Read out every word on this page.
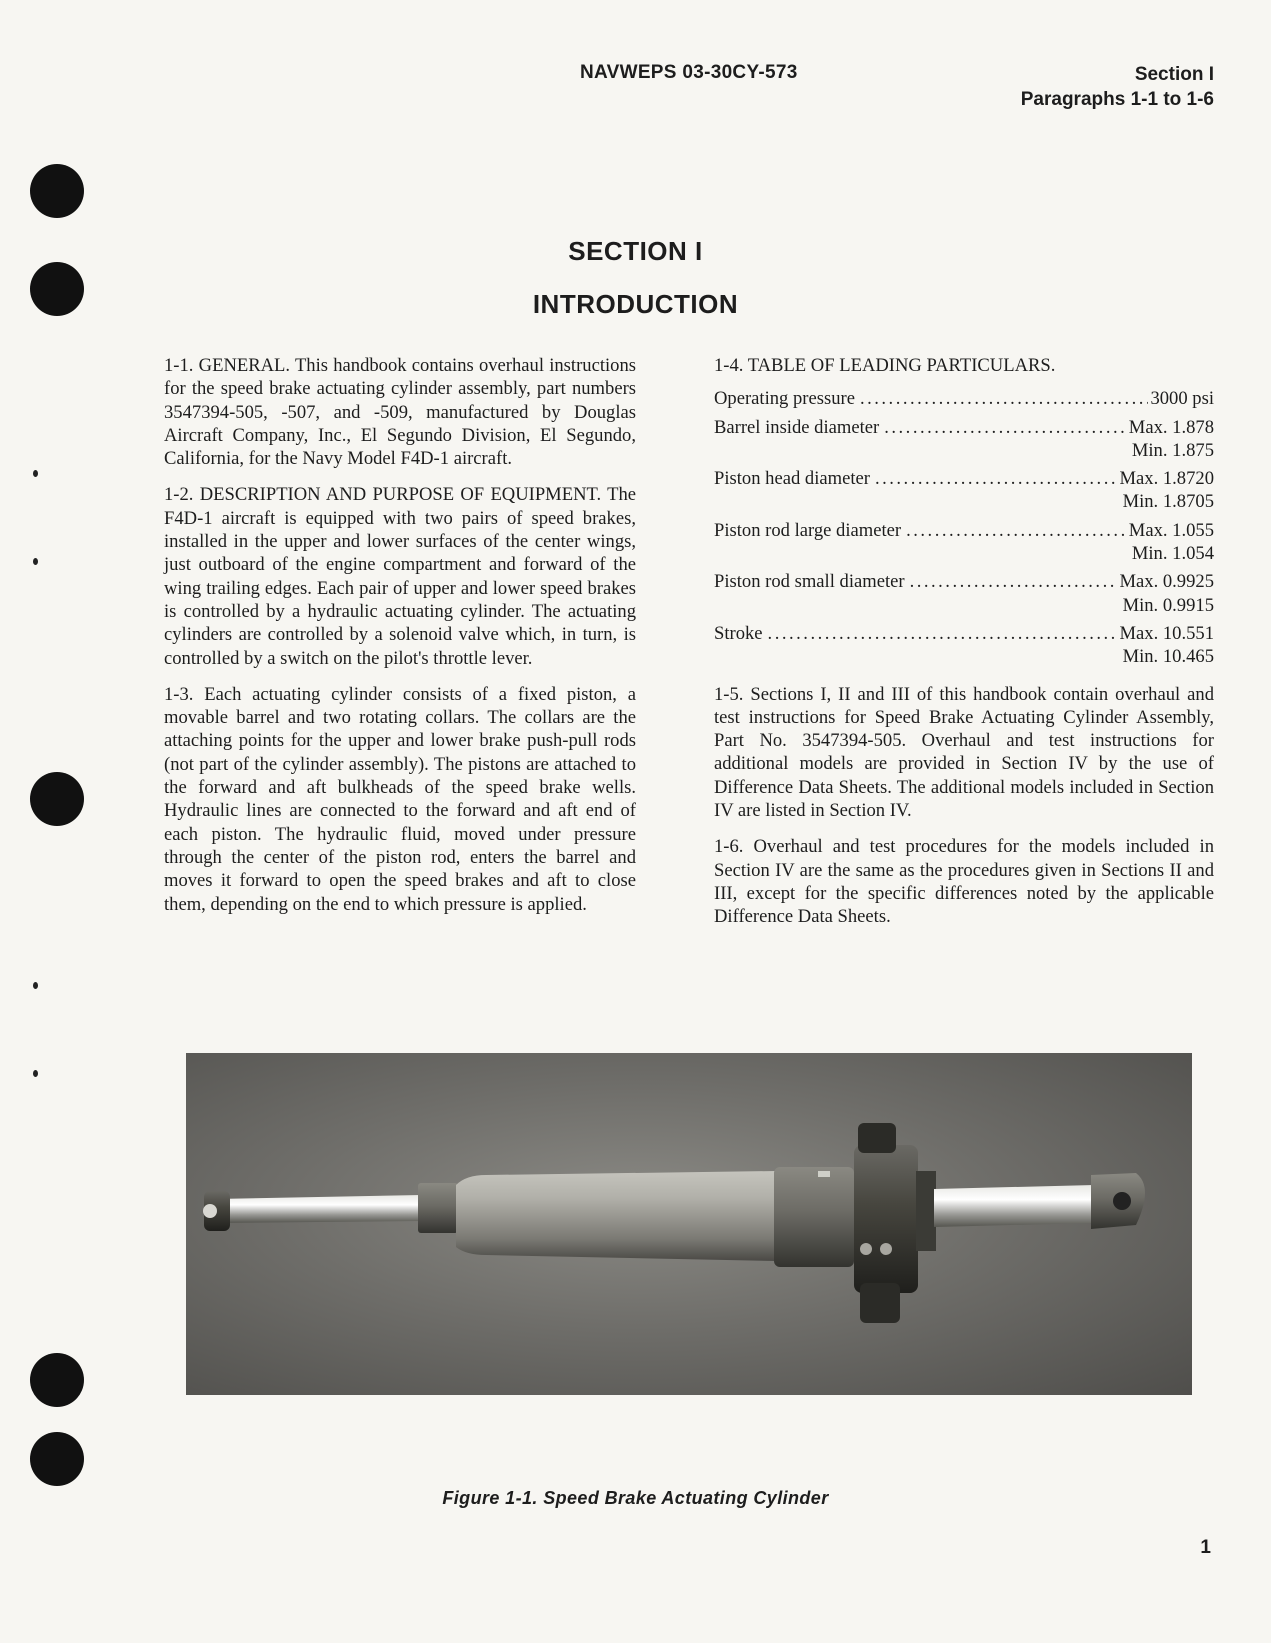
NAVWEPS 03-30CY-573	Section I
Paragraphs 1-1 to 1-6
SECTION I
INTRODUCTION

1-1. GENERAL. This handbook contains overhaul instructions for the speed brake actuating cylinder assembly, part numbers 3547394-505, -507, and -509, manufactured by Douglas Aircraft Company, Inc., El Segundo Division, El Segundo, California, for the Navy Model F4D-1 aircraft.

1-2. DESCRIPTION AND PURPOSE OF EQUIPMENT. The F4D-1 aircraft is equipped with two pairs of speed brakes, installed in the upper and lower surfaces of the center wings, just outboard of the engine compartment and forward of the wing trailing edges. Each pair of upper and lower speed brakes is controlled by a hydraulic actuating cylinder. The actuating cylinders are controlled by a solenoid valve which, in turn, is controlled by a switch on the pilot's throttle lever.

1-3. Each actuating cylinder consists of a fixed piston, a movable barrel and two rotating collars. The collars are the attaching points for the upper and lower brake push-pull rods (not part of the cylinder assembly). The pistons are attached to the forward and aft bulkheads of the speed brake wells. Hydraulic lines are connected to the forward and aft end of each piston. The hydraulic fluid, moved under pressure through the center of the piston rod, enters the barrel and moves it forward to open the speed brakes and aft to close them, depending on the end to which pressure is applied.

1-4. TABLE OF LEADING PARTICULARS.
Operating pressure .....	3000 psi
Barrel inside diameter .....	Max. 1.878
Min. 1.875
Piston head diameter .....	Max. 1.8720
Min. 1.8705
Piston rod large diameter .....	Max. 1.055
Min. 1.054
Piston rod small diameter .....	Max. 0.9925
Min. 0.9915
Stroke .....	Max. 10.551
Min. 10.465

1-5. Sections I, II and III of this handbook contain overhaul and test instructions for Speed Brake Actuating Cylinder Assembly, Part No. 3547394-505. Overhaul and test instructions for additional models are provided in Section IV by the use of Difference Data Sheets. The additional models included in Section IV are listed in Section IV.

1-6. Overhaul and test procedures for the models included in Section IV are the same as the procedures given in Sections II and III, except for the specific differences noted by the applicable Difference Data Sheets.

Figure 1-1. Speed Brake Actuating Cylinder
1
